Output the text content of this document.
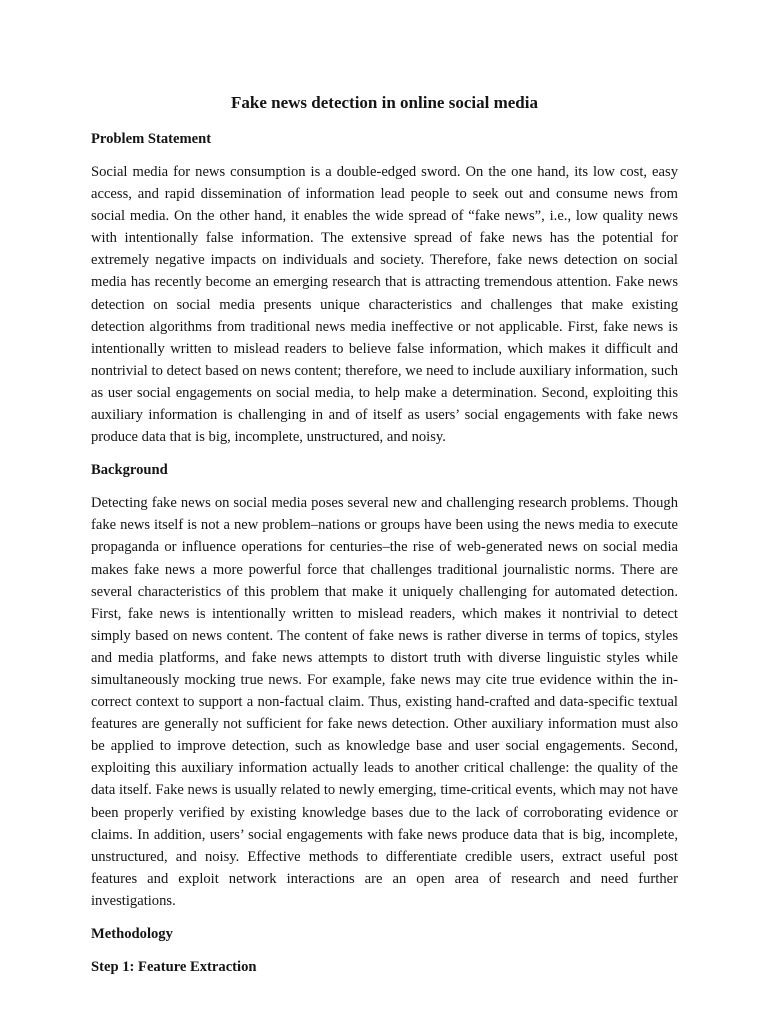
Fake news detection in online social media
Problem Statement

Social media for news consumption is a double-edged sword. On the one hand, its low cost, easy access, and rapid dissemination of information lead people to seek out and consume news from social media. On the other hand, it enables the wide spread of “fake news”, i.e., low quality news with intentionally false information. The extensive spread of fake news has the potential for extremely negative impacts on individuals and society. Therefore, fake news detection on social media has recently become an emerging research that is attracting tremendous attention. Fake news detection on social media presents unique characteristics and challenges that make existing detection algorithms from traditional news media ineffective or not applicable. First, fake news is intentionally written to mislead readers to believe false information, which makes it difficult and nontrivial to detect based on news content; therefore, we need to include auxiliary information, such as user social engagements on social media, to help make a determination. Second, exploiting this auxiliary information is challenging in and of itself as users’ social engagements with fake news produce data that is big, incomplete, unstructured, and noisy.

Background

Detecting fake news on social media poses several new and challenging research problems. Though fake news itself is not a new problem–nations or groups have been using the news media to execute propaganda or influence operations for centuries–the rise of web-generated news on social media makes fake news a more powerful force that challenges traditional journalistic norms. There are several characteristics of this problem that make it uniquely challenging for automated detection. First, fake news is intentionally written to mislead readers, which makes it nontrivial to detect simply based on news content. The content of fake news is rather diverse in terms of topics, styles and media platforms, and fake news attempts to distort truth with diverse linguistic styles while simultaneously mocking true news. For example, fake news may cite true evidence within the in-correct context to support a non-factual claim. Thus, existing hand-crafted and data-specific textual features are generally not sufficient for fake news detection. Other auxiliary information must also be applied to improve detection, such as knowledge base and user social engagements. Second, exploiting this auxiliary information actually leads to another critical challenge: the quality of the data itself. Fake news is usually related to newly emerging, time-critical events, which may not have been properly verified by existing knowledge bases due to the lack of corroborating evidence or claims. In addition, users’ social engagements with fake news produce data that is big, incomplete, unstructured, and noisy. Effective methods to differentiate credible users, extract useful post features and exploit network interactions are an open area of research and need further investigations.

Methodology
Step 1: Feature Extraction
